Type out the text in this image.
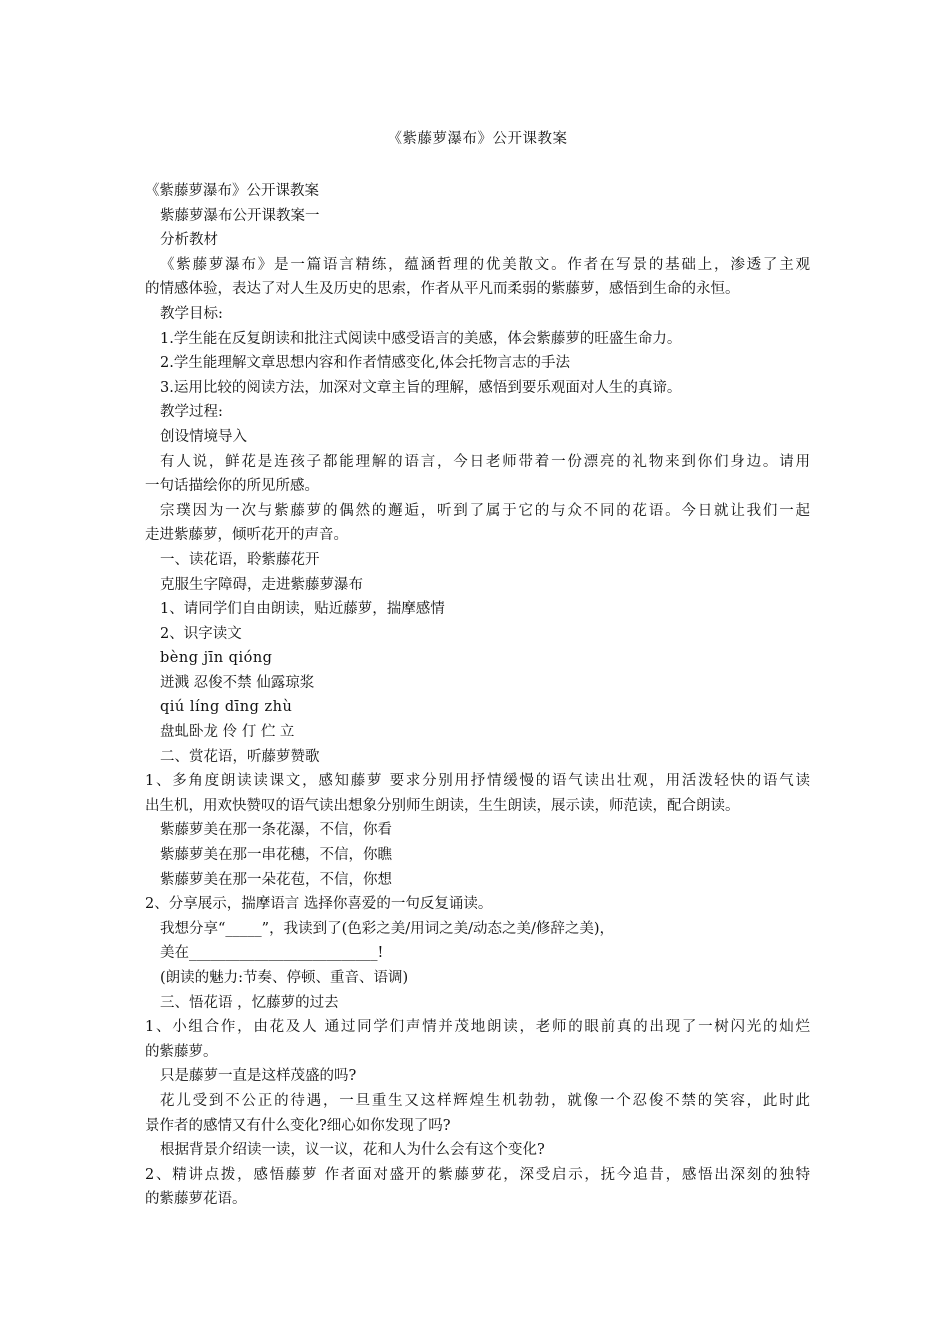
《紫藤萝瀑布》公开课教案
《紫藤萝瀑布》公开课教案
紫藤萝瀑布公开课教案一
分析教材
《紫藤萝瀑布》是一篇语言精练，蕴涵哲理的优美散文。作者在写景的基础上，渗透了主观
的情感体验，表达了对人生及历史的思索，作者从平凡而柔弱的紫藤萝，感悟到生命的永恒。
教学目标:
1.学生能在反复朗读和批注式阅读中感受语言的美感，体会紫藤萝的旺盛生命力。
2.学生能理解文章思想内容和作者情感变化,体会托物言志的手法
3.运用比较的阅读方法，加深对文章主旨的理解，感悟到要乐观面对人生的真谛。
教学过程:
创设情境导入
有人说，鲜花是连孩子都能理解的语言，今日老师带着一份漂亮的礼物来到你们身边。请用
一句话描绘你的所见所感。
宗璞因为一次与紫藤萝的偶然的邂逅，听到了属于它的与众不同的花语。今日就让我们一起
走进紫藤萝，倾听花开的声音。
一、读花语，聆紫藤花开
克服生字障碍，走进紫藤萝瀑布
1、请同学们自由朗读，贴近藤萝，揣摩感情
2、识字读文
bèng jīn qióng
迸溅 忍俊不禁 仙露琼浆
qiú líng dīng zhù
盘虬卧龙 伶 仃 伫 立
二、赏花语，听藤萝赞歌
1、多角度朗读读课文，感知藤萝 要求分别用抒情缓慢的语气读出壮观，用活泼轻快的语气读
出生机，用欢快赞叹的语气读出想象分别师生朗读，生生朗读，展示读，师范读，配合朗读。
紫藤萝美在那一条花瀑，不信，你看
紫藤萝美在那一串花穗，不信，你瞧
紫藤萝美在那一朵花苞，不信，你想
2、分享展示，揣摩语言 选择你喜爱的一句反复诵读。
我想分享“_____”，我读到了(色彩之美/用词之美/动态之美/修辞之美)，
美在__________________________!
(朗读的魅力:节奏、停顿、重音、语调)
三、悟花语 ，忆藤萝的过去
1、小组合作，由花及人 通过同学们声情并茂地朗读，老师的眼前真的出现了一树闪光的灿烂
的紫藤萝。
只是藤萝一直是这样茂盛的吗?
花儿受到不公正的待遇，一旦重生又这样辉煌生机勃勃，就像一个忍俊不禁的笑容，此时此
景作者的感情又有什么变化?细心如你发现了吗?
根据背景介绍读一读，议一议，花和人为什么会有这个变化?
2、精讲点拨，感悟藤萝 作者面对盛开的紫藤萝花，深受启示，抚今追昔，感悟出深刻的独特
的紫藤萝花语。
